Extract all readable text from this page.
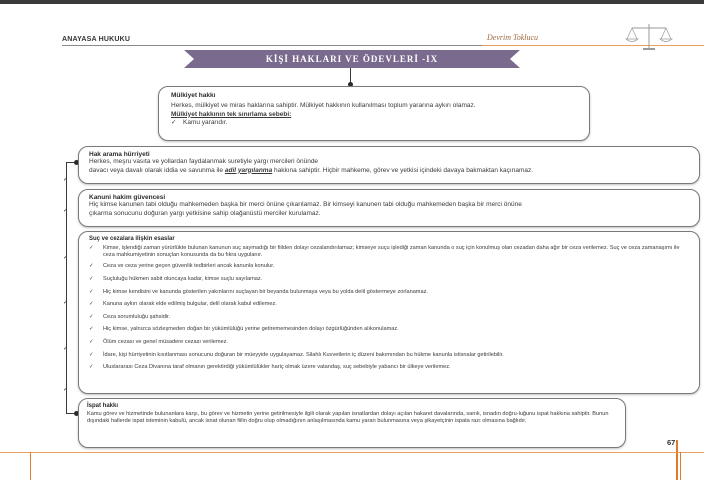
ANAYASA HUKUKU	Devrim Toklucu
KİŞİ HAKLARI VE ÖDEVLERİ -IX
✓
✓
✓
✓
✓
✓
Mülkiyet hakkı
Herkes, mülkiyet ve miras haklarına sahiptir. Mülkiyet hakkının kullanılması toplum yararına aykırı olamaz.
Mülkiyet hakkının tek sınırlama sebebi:
✓ Kamu yararıdır.
Hak arama hürriyeti
Herkes, meşru vasıta ve yollardan faydalanmak suretiyle yargı mercileri önünde
davacı veya davalı olarak iddia ve savunma ile adil yargılanma hakkına sahiptir. Hiçbir mahkeme, görev ve yetkisi içindeki davaya bakmaktan kaçınamaz.
Kanuni hakim güvencesi
Hiç kimse kanunen tabi olduğu mahkemeden başka bir merci önüne çıkarılamaz. Bir kimseyi kanunen tabi olduğu mahkemeden başka bir merci önüne
çıkarma sonucunu doğuran yargı yetkisine sahip olağanüstü merciler kurulamaz.
Suç ve cezalara ilişkin esaslar
✓	Kimse, işlendiği zaman yürürlükte bulunan kanunun suç saymadığı bir fiilden dolayı cezalandırılamaz; kimseye suçu işlediği zaman kanunda o suç için konulmuş olan cezadan daha ağır bir ceza verilemez. Suç ve ceza zamanaşımı ile ceza mahkumiyetinin sonuçları konusunda da bu fıkra uygulanır.
✓	Ceza ve ceza yerine geçen güvenlik tedbirleri ancak kanunla konulur.
✓	Suçluluğu hükmen sabit oluncaya kadar, kimse suçlu sayılamaz.
✓	Hiç kimse kendisini ve kanunda gösterilen yakınlarını suçlayan bir beyanda bulunmaya veya bu yolda delil göstermeye zorlanamaz.
✓	Kanuna aykırı olarak elde edilmiş bulgular, delil olarak kabul edilemez.
✓	Ceza sorumluluğu şahsidir.
✓	Hiç kimse, yalnızca sözleşmeden doğan bir yükümlülüğü yerine getirememesinden dolayı özgürlüğünden alıkonulamaz.
✓	Ölüm cezası ve genel müsadere cezası verilemez.
✓	İdare, kişi hürriyetinin kısıtlanması sonucunu doğuran bir müeyyide uygulayamaz. Silahlı Kuvvetlerin iç düzeni bakımından bu hükme kanunla istisnalar getirilebilir.
✓	Uluslararası Ceza Divanına taraf olmanın gerektirdiği yükümlülükler hariç olmak üzere vatandaş, suç sebebiyle yabancı bir ülkeye verilemez.
İspat hakkı
Kamu görev ve hizmetinde bulunanlara karşı, bu görev ve hizmetin yerine getirilmesiyle ilgili olarak yapılan isnatlardan dolayı açılan hakaret davalarında, sanık, isnadın doğru-luğunu ispat hakkına sahiptir. Bunun dışındaki hallerde ispat isteminin kabulü, ancak isnat olunan fiilin doğru olup olmadığının anlaşılmasında kamu yararı bulunmasına veya şikayetçinin ispata razı olmasına bağlıdır.
67
